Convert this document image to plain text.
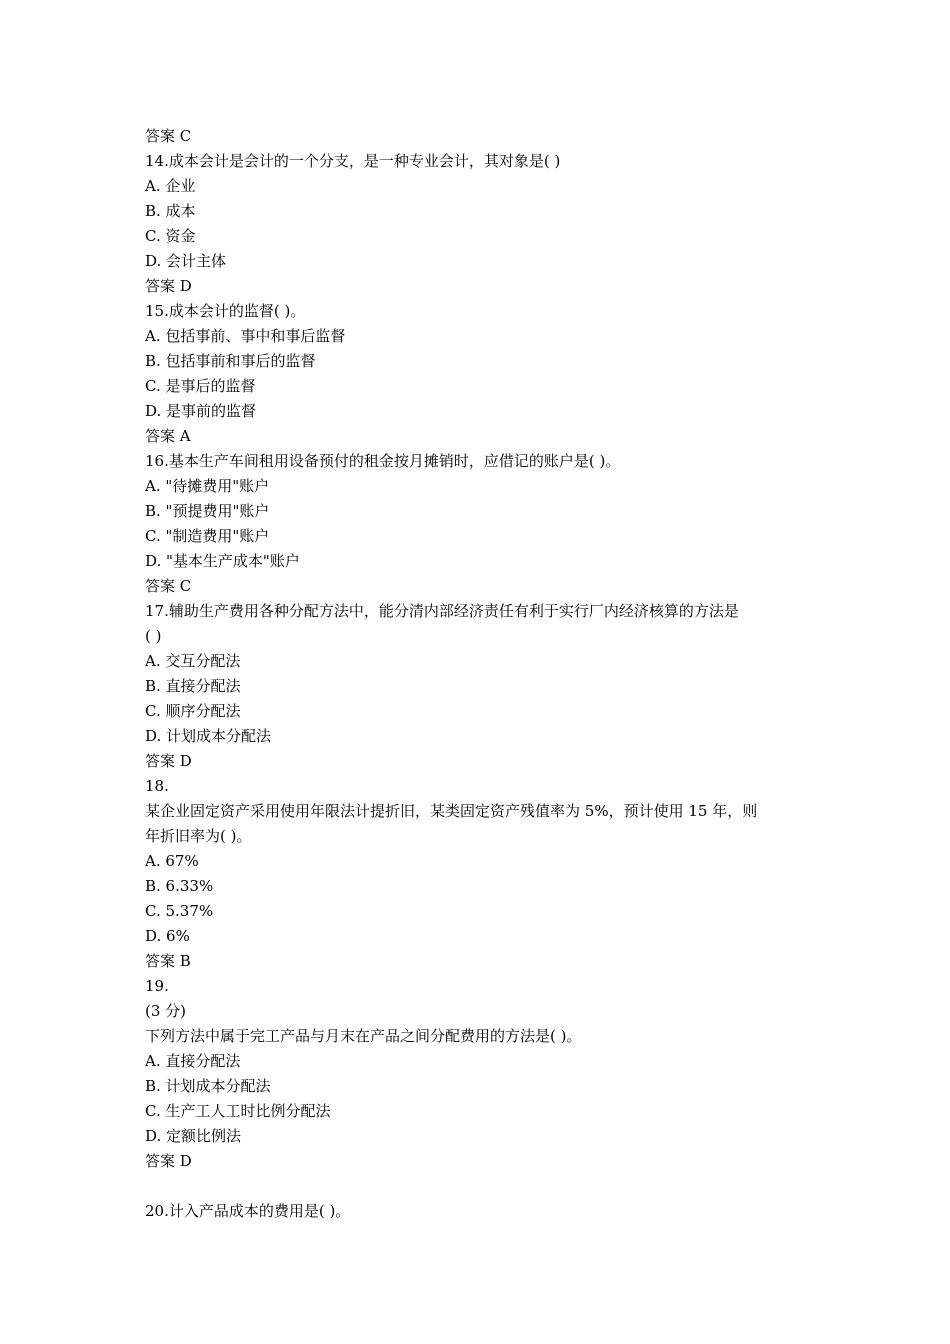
答案 C
14.成本会计是会计的一个分支，是一种专业会计，其对象是( )
A. 企业
B. 成本
C. 资金
D. 会计主体
答案 D
15.成本会计的监督( )。
A. 包括事前、事中和事后监督
B. 包括事前和事后的监督
C. 是事后的监督
D. 是事前的监督
答案 A
16.基本生产车间租用设备预付的租金按月摊销时，应借记的账户是( )。
A. "待摊费用"账户
B. "预提费用"账户
C. "制造费用"账户
D. "基本生产成本"账户
答案 C
17.辅助生产费用各种分配方法中，能分清内部经济责任有利于实行厂内经济核算的方法是
( )
A. 交互分配法
B. 直接分配法
C. 顺序分配法
D. 计划成本分配法
答案 D
18.
某企业固定资产采用使用年限法计提折旧，某类固定资产残值率为 5%，预计使用 15 年，则
年折旧率为( )。
A. 67%
B. 6.33%
C. 5.37%
D. 6%
答案 B
19.
(3 分)
下列方法中属于完工产品与月末在产品之间分配费用的方法是( )。
A. 直接分配法
B. 计划成本分配法
C. 生产工人工时比例分配法
D. 定额比例法
答案 D
20.计入产品成本的费用是( )。
